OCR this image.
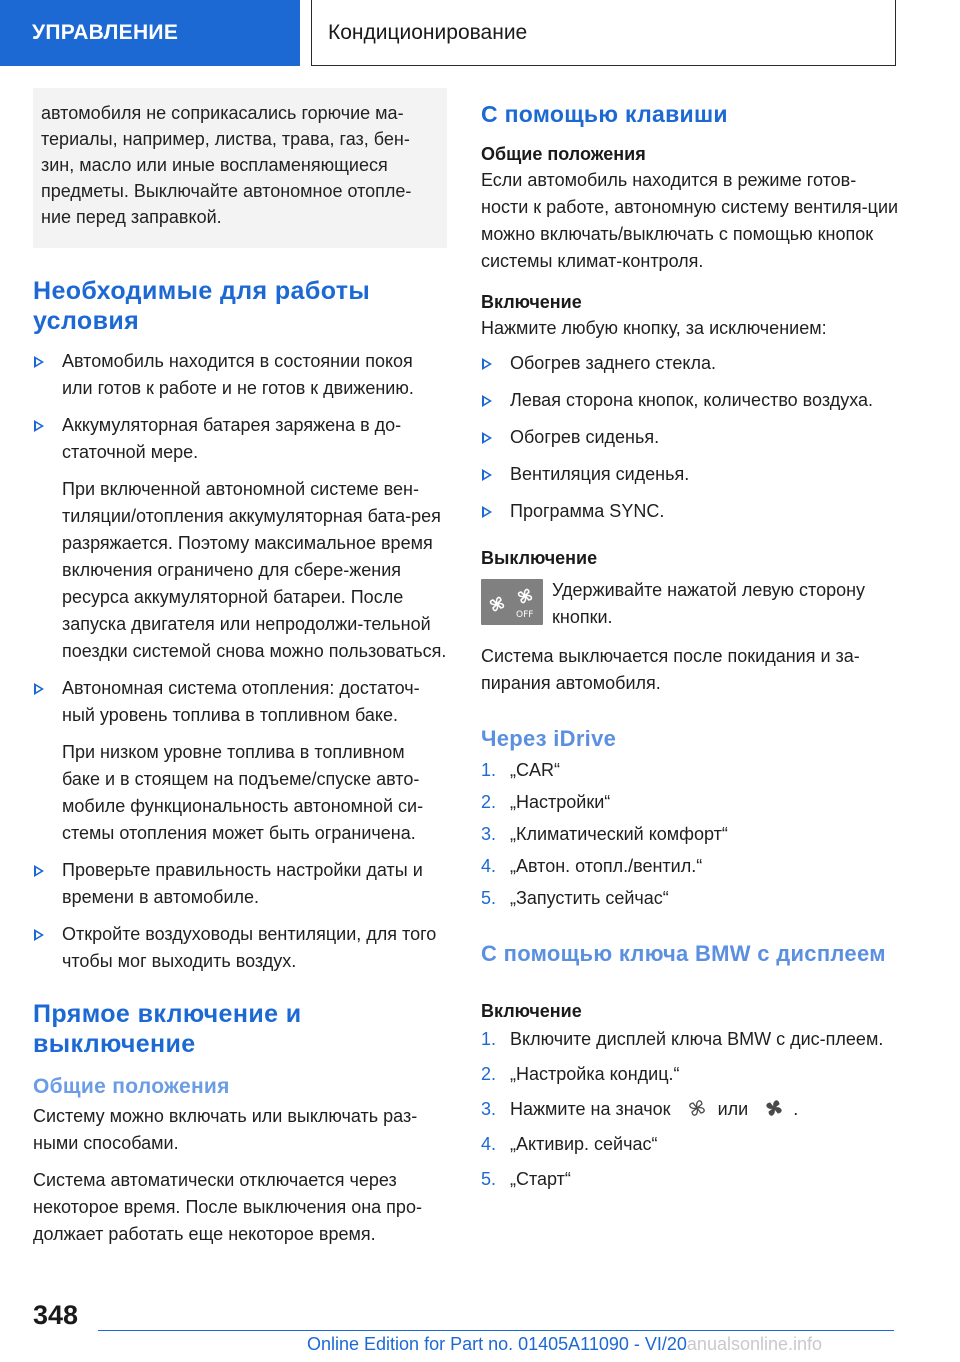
УПРАВЛЕНИЕ	Кондиционирование
автомобиля не соприкасались горючие ма-териалы, например, листва, трава, газ, бен-зин, масло или иные воспламеняющиеся предметы. Выключайте автономное отопле-ние перед заправкой.
Необходимые для работы условия
Автомобиль находится в состоянии покоя или готов к работе и не готов к движению.
Аккумуляторная батарея заряжена в до-статочной мере.
При включенной автономной системе вен-тиляции/отопления аккумуляторная бата-рея разряжается. Поэтому максимальное время включения ограничено для сбере-жения ресурса аккумуляторной батареи. После запуска двигателя или непродолжи-тельной поездки системой снова можно пользоваться.
Автономная система отопления: достаточ-ный уровень топлива в топливном баке.
При низком уровне топлива в топливном баке и в стоящем на подъеме/спуске авто-мобиле функциональность автономной си-стемы отопления может быть ограничена.
Проверьте правильность настройки даты и времени в автомобиле.
Откройте воздуховоды вентиляции, для того чтобы мог выходить воздух.
Прямое включение и выключение
Общие положения

Систему можно включать или выключать раз-ными способами.

Система автоматически отключается через некоторое время. После выключения она про-должает работать еще некоторое время.

С помощью клавиши
Общие положения

Если автомобиль находится в режиме готов-ности к работе, автономную систему вентиля-ции можно включать/выключать с помощью кнопок системы климат-контроля.

Включение

Нажмите любую кнопку, за исключением:

Обогрев заднего стекла.
Левая сторона кнопок, количество воздуха.
Обогрев сиденья.
Вентиляция сиденья.
Программа SYNC.
Выключение
OFF

Удерживайте нажатой левую сторону кнопки.

Система выключается после покидания и за-пирания автомобиля.

Через iDrive
1. „CAR“
2. „Настройки“
3. „Климатический комфорт“
4. „Автон. отопл./вентил.“
5. „Запустить сейчас“
С помощью ключа BMW с дисплеем
Включение
1. Включите дисплей ключа BMW с дис-плеем.
2. „Настройка кондиц.“
3. Нажмите на значок	или	.
4. „Активир. сейчас“
5. „Старт“
348
Online Edition for Part no. 01405A11090 - VI/20anualsonline.info
